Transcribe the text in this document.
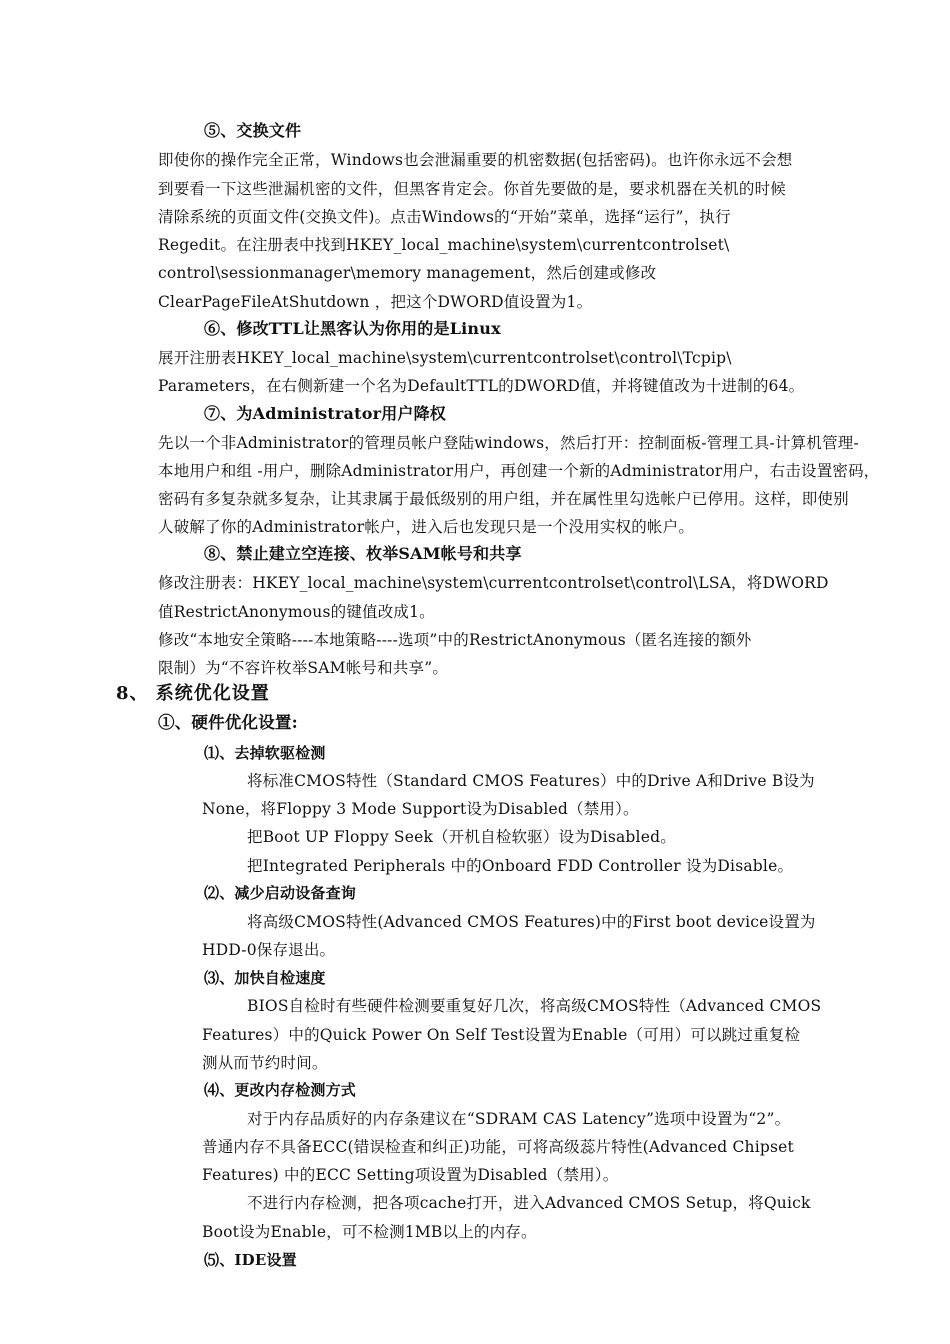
⑤、交换文件
即使你的操作完全正常，Windows也会泄漏重要的机密数据(包括密码)。也许你永远不会想
到要看一下这些泄漏机密的文件，但黑客肯定会。你首先要做的是，要求机器在关机的时候
清除系统的页面文件(交换文件)。点击Windows的“开始”菜单，选择“运行”，执行
Regedit。在注册表中找到HKEY_local_machine\system\currentcontrolset\
control\sessionmanager\memory management，然后创建或修改
ClearPageFileAtShutdown ，把这个DWORD值设置为1。
⑥、修改TTL让黑客认为你用的是Linux
展开注册表HKEY_local_machine\system\currentcontrolset\control\Tcpip\
Parameters，在右侧新建一个名为DefaultTTL的DWORD值，并将键值改为十进制的64。
⑦、为Administrator用户降权
先以一个非Administrator的管理员帐户登陆windows，然后打开：控制面板-管理工具-计算机管理-
本地用户和组 -用户，删除Administrator用户，再创建一个新的Administrator用户，右击设置密码，
密码有多复杂就多复杂，让其隶属于最低级别的用户组，并在属性里勾选帐户已停用。这样，即使别
人破解了你的Administrator帐户，进入后也发现只是一个没用实权的帐户。
⑧、禁止建立空连接、枚举SAM帐号和共享
修改注册表：HKEY_local_machine\system\currentcontrolset\control\LSA，将DWORD
值RestrictAnonymous的键值改成1。
修改“本地安全策略----本地策略----选项”中的RestrictAnonymous（匿名连接的额外
限制）为“不容许枚举SAM帐号和共享”。
8、 系统优化设置
①、硬件优化设置:
⑴、去掉软驱检测
将标准CMOS特性（Standard CMOS Features）中的Drive A和Drive B设为
None，将Floppy 3 Mode Support设为Disabled（禁用）。
把Boot UP Floppy Seek（开机自检软驱）设为Disabled。
把Integrated Peripherals 中的Onboard FDD Controller 设为Disable。
⑵、减少启动设备查询
将高级CMOS特性(Advanced CMOS Features)中的First boot device设置为
HDD-0保存退出。
⑶、加快自检速度
BIOS自检时有些硬件检测要重复好几次，将高级CMOS特性（Advanced CMOS
Features）中的Quick Power On Self Test设置为Enable（可用）可以跳过重复检
测从而节约时间。
⑷、更改内存检测方式
对于内存品质好的内存条建议在“SDRAM CAS Latency”选项中设置为“2”。
普通内存不具备ECC(错误检查和纠正)功能，可将高级蕊片特性(Advanced Chipset
Features) 中的ECC Setting项设置为Disabled（禁用）。
不进行内存检测，把各项cache打开，进入Advanced CMOS Setup，将Quick
Boot设为Enable，可不检测1MB以上的内存。
⑸、IDE设置
